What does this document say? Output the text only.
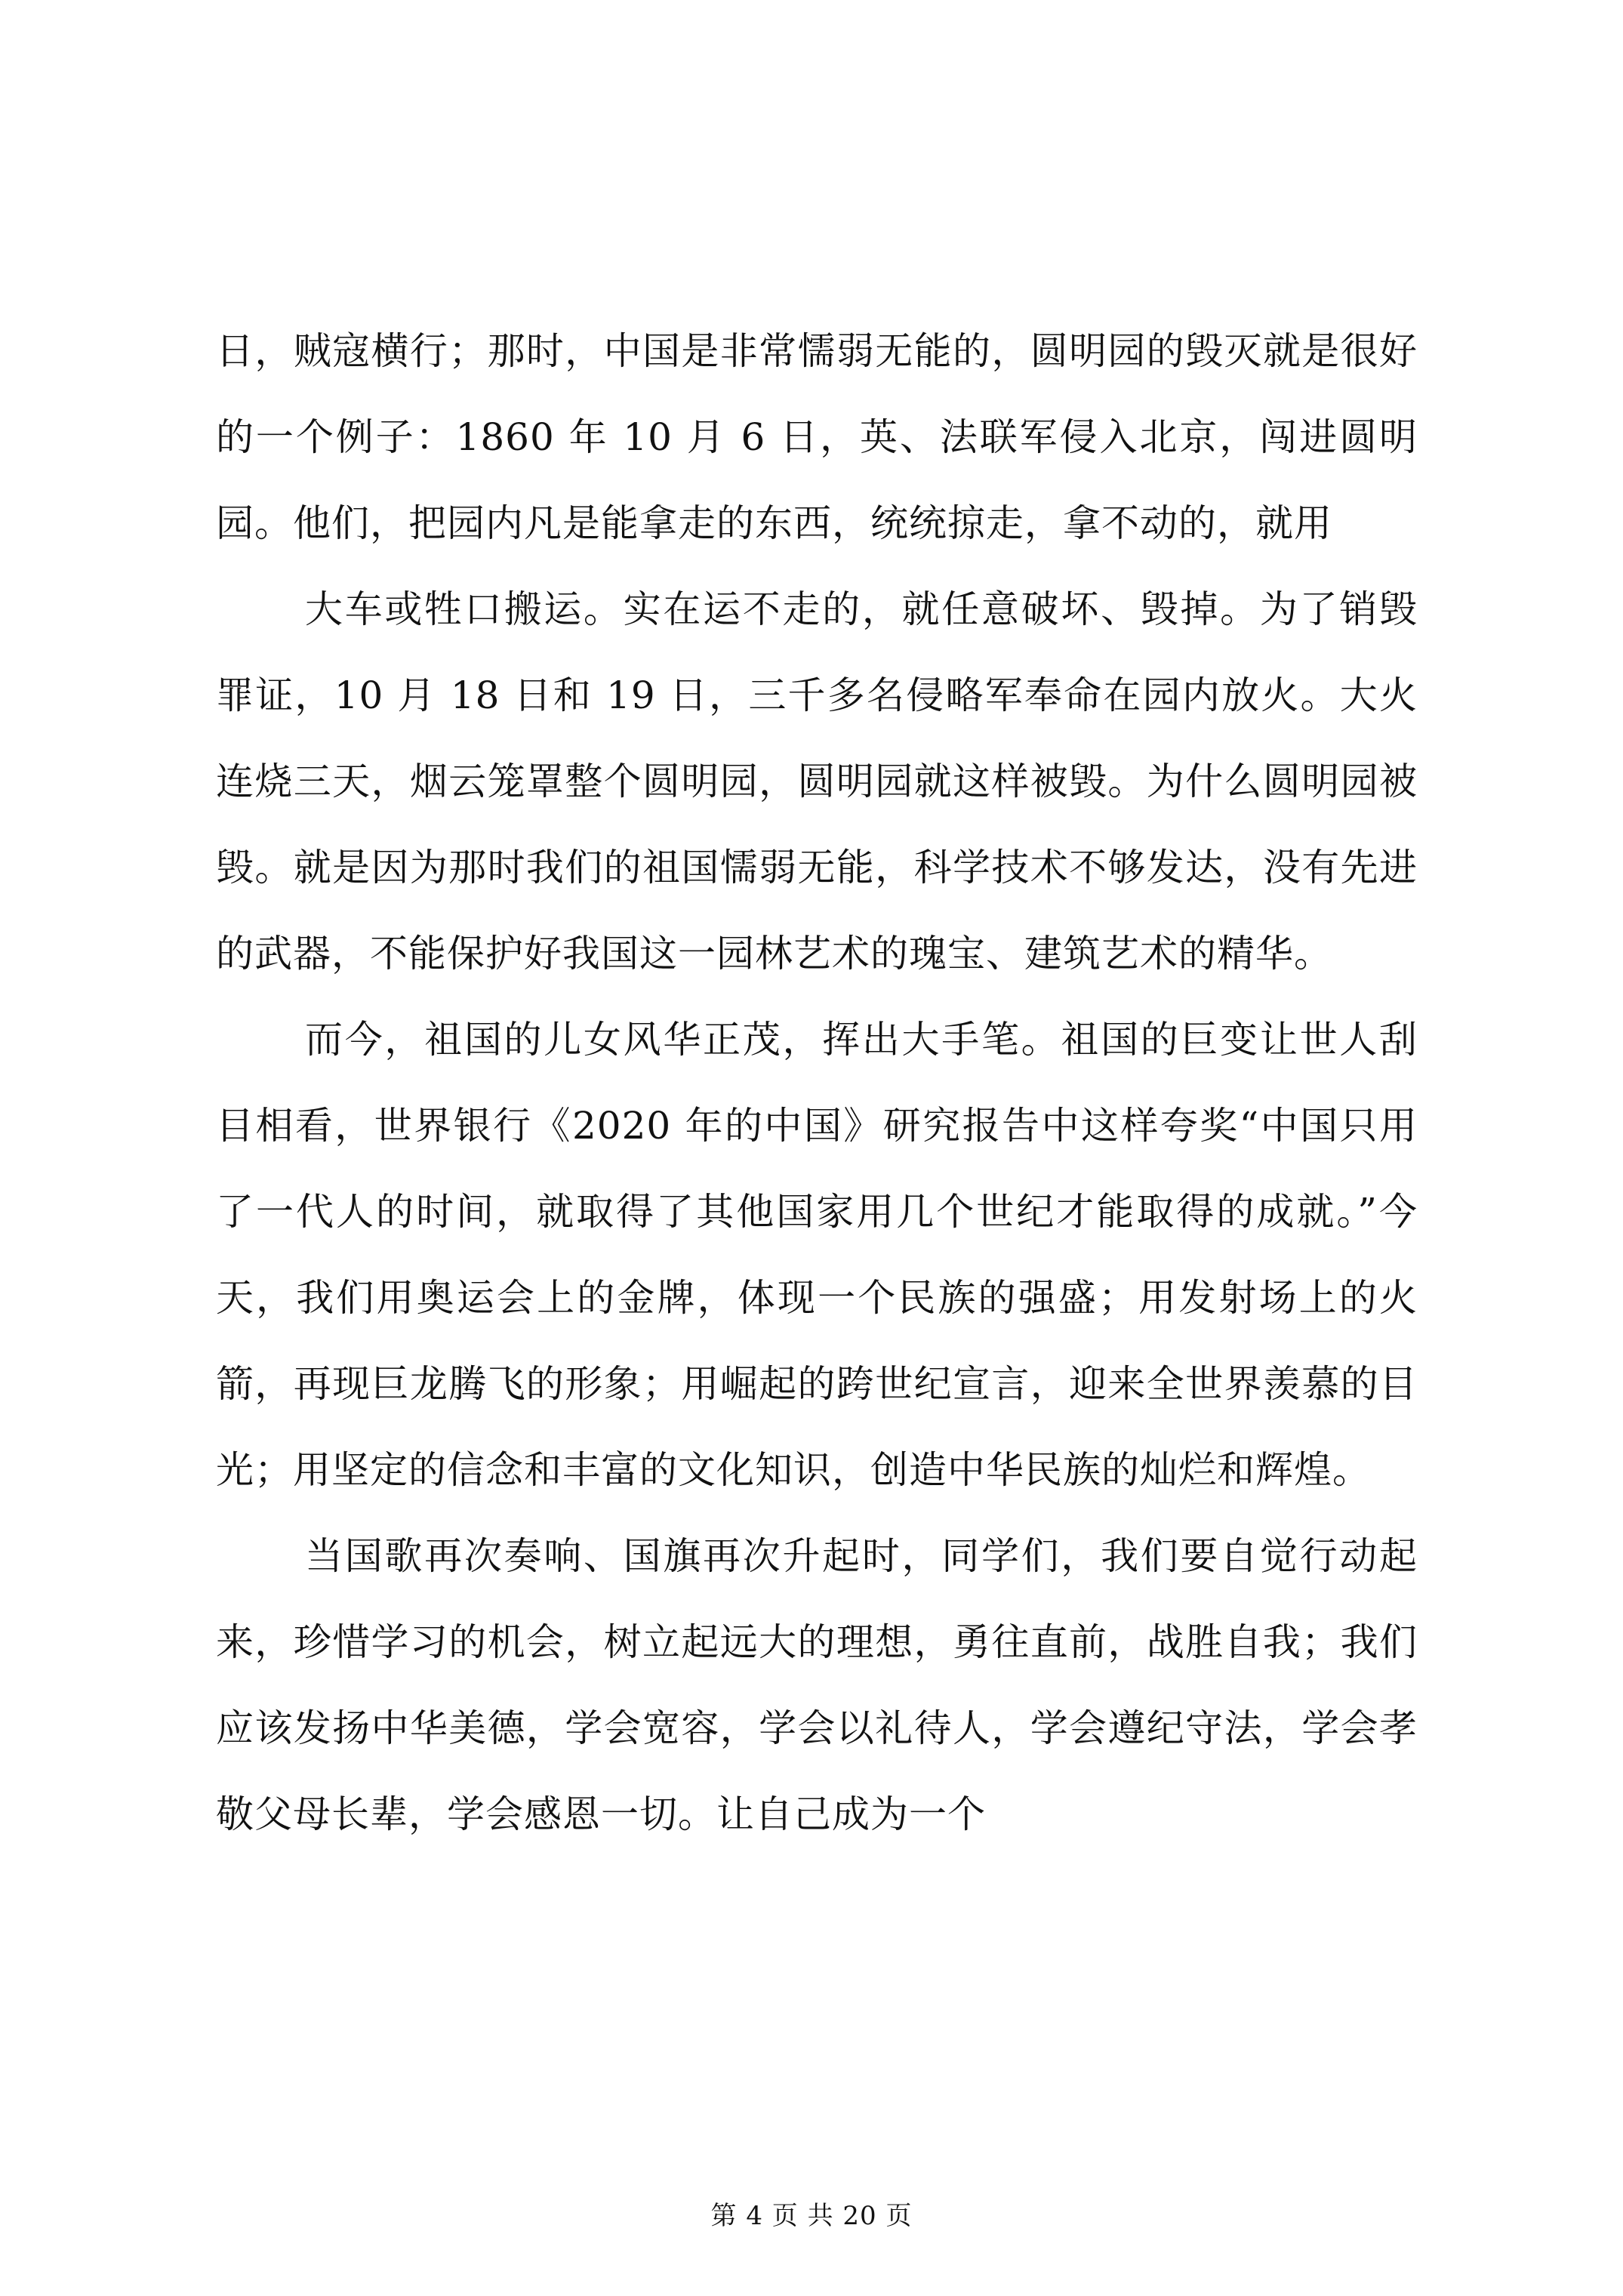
日，贼寇横行；那时，中国是非常懦弱无能的，圆明园的毁灭就是很好的一个例子：1860 年 10 月 6 日，英、法联军侵入北京，闯进圆明园。他们，把园内凡是能拿走的东西，统统掠走，拿不动的，就用

大车或牲口搬运。实在运不走的，就任意破坏、毁掉。为了销毁罪证，10 月 18 日和 19 日，三千多名侵略军奉命在园内放火。大火连烧三天，烟云笼罩整个圆明园，圆明园就这样被毁。为什么圆明园被毁。就是因为那时我们的祖国懦弱无能，科学技术不够发达，没有先进的武器，不能保护好我国这一园林艺术的瑰宝、建筑艺术的精华。

而今，祖国的儿女风华正茂，挥出大手笔。祖国的巨变让世人刮目相看，世界银行《2020 年的中国》研究报告中这样夸奖“中国只用了一代人的时间，就取得了其他国家用几个世纪才能取得的成就。”今天，我们用奥运会上的金牌，体现一个民族的强盛；用发射场上的火箭，再现巨龙腾飞的形象；用崛起的跨世纪宣言，迎来全世界羡慕的目光；用坚定的信念和丰富的文化知识，创造中华民族的灿烂和辉煌。

当国歌再次奏响、国旗再次升起时，同学们，我们要自觉行动起来，珍惜学习的机会，树立起远大的理想，勇往直前，战胜自我；我们应该发扬中华美德，学会宽容，学会以礼待人，学会遵纪守法，学会孝敬父母长辈，学会感恩一切。让自己成为一个

第 4 页 共 20 页
